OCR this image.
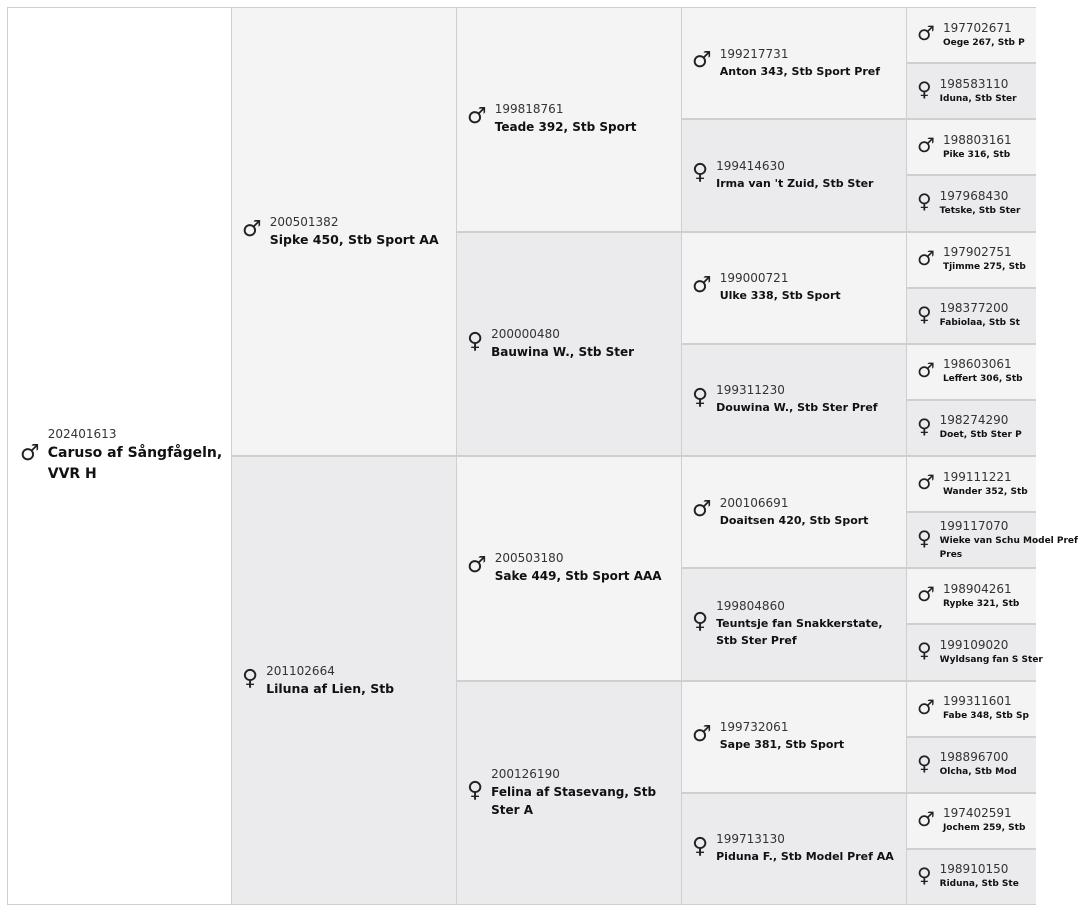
♂
202401613
Caruso af Sångfågeln, VVR H
♂ 200501382
Sipke 450, Stb Sport AA
♀ 201102664
Liluna af Lien, Stb
♂ 199818761
Teade 392, Stb Sport
♀ 200000480
Bauwina W., Stb Ster
♂ 200503180
Sake 449, Stb Sport AAA
♀
200126190
Felina af Stasevang, Stb Ster A
♂ 199217731
Anton 343, Stb Sport Pref
♀ 199414630
Irma van 't Zuid, Stb Ster
♂ 199000721
Ulke 338, Stb Sport
♀ 199311230
Douwina W., Stb Ster Pref
♂ 200106691
Doaitsen 420, Stb Sport
♀
199804860
Teuntsje fan Snakkerstate, Stb Ster Pref
♂ 199732061
Sape 381, Stb Sport
♀ 199713130
Piduna F., Stb Model Pref AA
♂ 197702671
Oege 267, Stb P
♀ 198583110
Iduna, Stb Ster
♂ 198803161
Pike 316, Stb
♀ 197968430
Tetske, Stb Ster
♂ 197902751
Tjimme 275, Stb
♀ 198377200
Fabiolaa, Stb St
♂ 198603061
Leffert 306, Stb
♀ 198274290
Doet, Stb Ster P
♂ 199111221
Wander 352, Stb
♀
199117070
Wieke van Schu Model Pref Pres
♂ 198904261
Rypke 321, Stb
♀ 199109020
Wyldsang fan S Ster
♂ 199311601
Fabe 348, Stb Sp
♀ 198896700
Olcha, Stb Mod
♂ 197402591
Jochem 259, Stb
♀ 198910150
Riduna, Stb Ste
